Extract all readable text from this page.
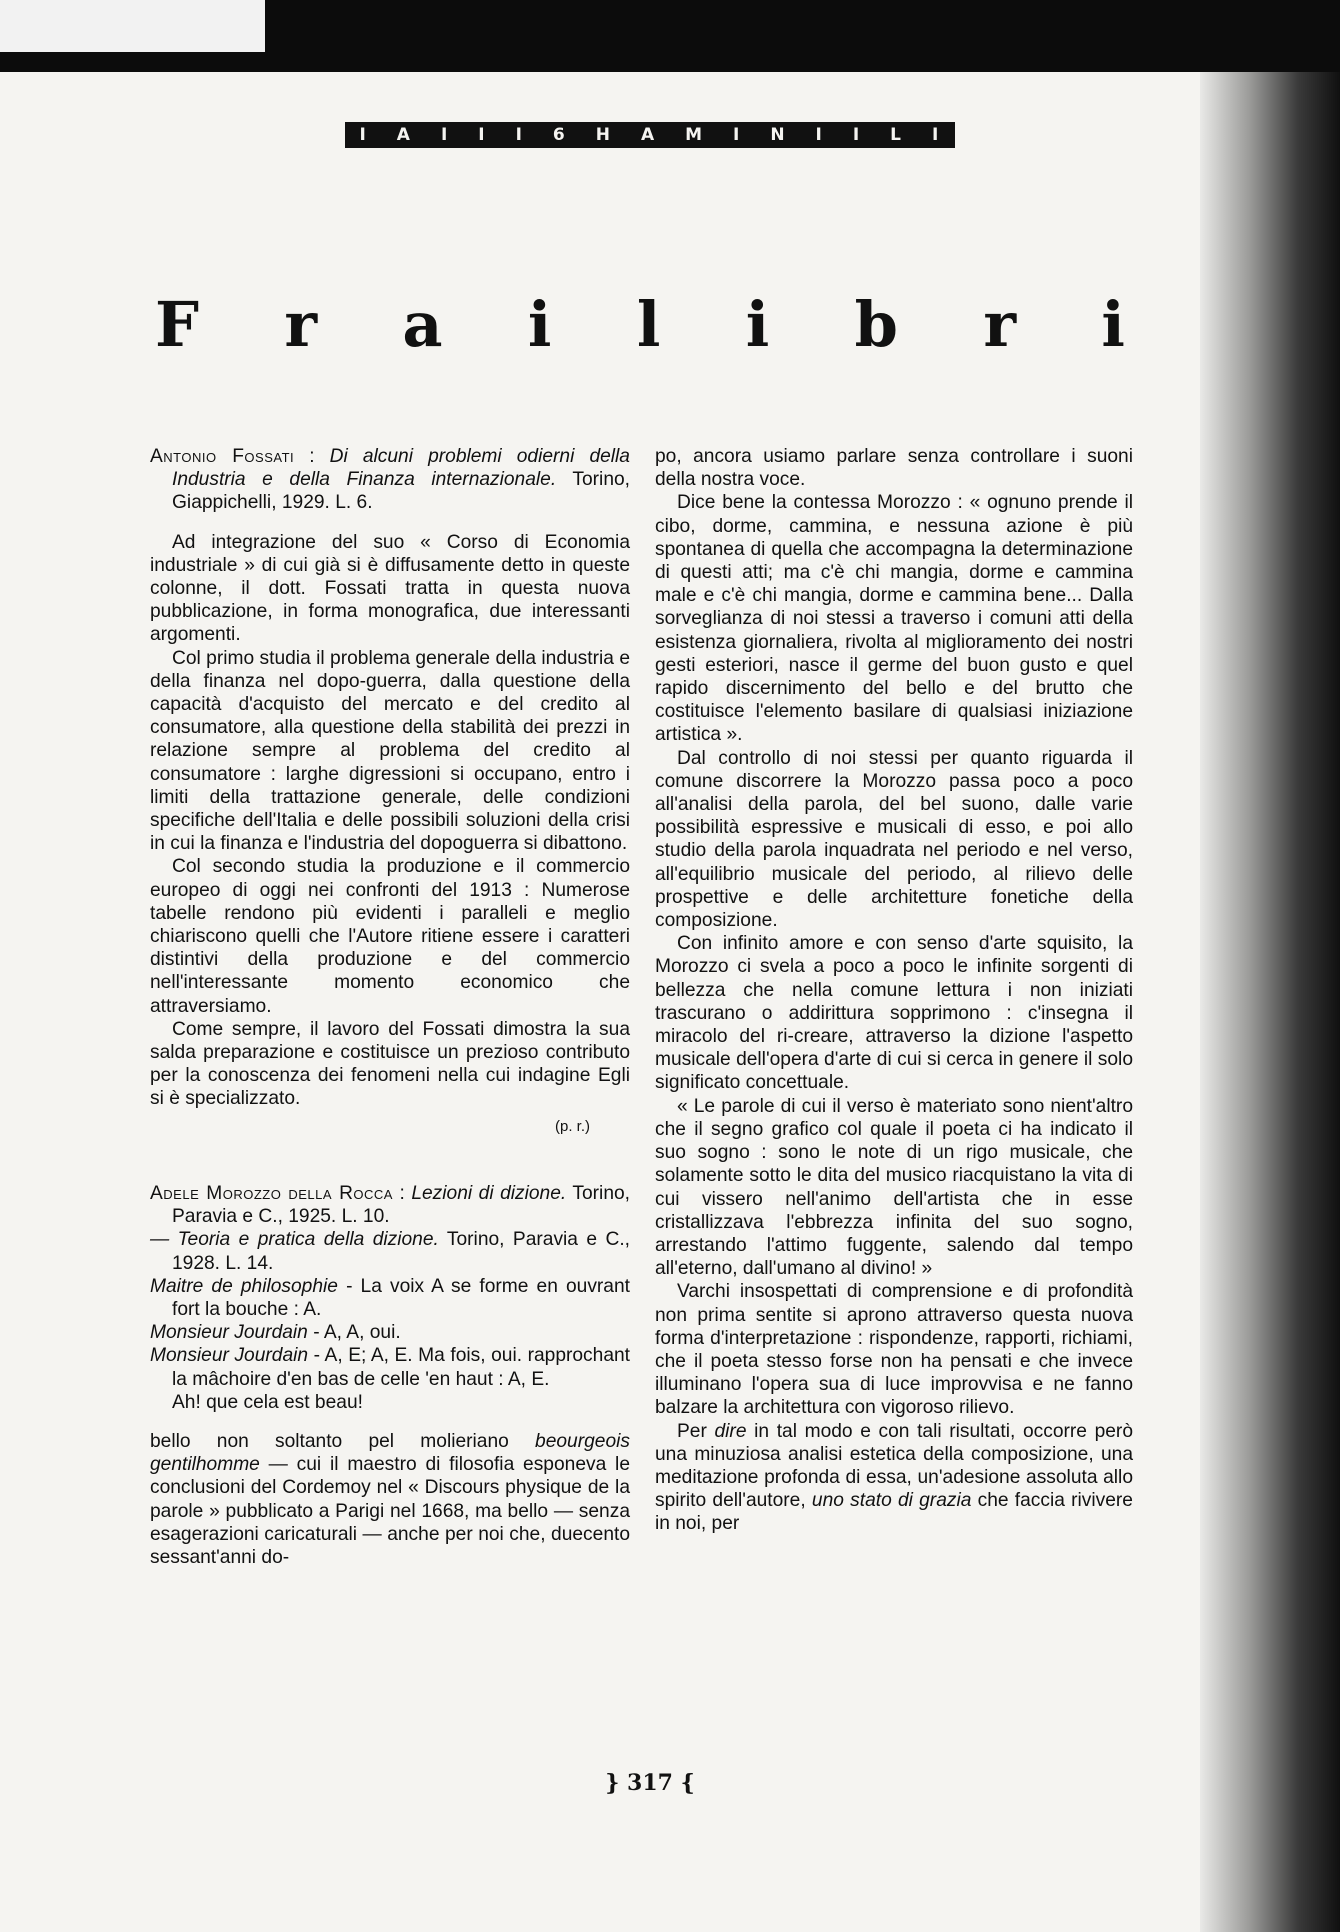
I A I I I 6 H A M I N I I L I
F r a i l i b r i

Antonio Fossati : Di alcuni problemi odierni della Industria e della Finanza internazionale. Torino, Giappichelli, 1929. L. 6.

Ad integrazione del suo « Corso di Economia industriale » di cui già si è diffusamente detto in queste colonne, il dott. Fossati tratta in questa nuova pubblicazione, in forma monografica, due interessanti argomenti.

Col primo studia il problema generale della industria e della finanza nel dopo-guerra, dalla questione della capacità d'acquisto del mercato e del credito al consumatore, alla questione della stabilità dei prezzi in relazione sempre al problema del credito al consumatore : larghe digressioni si occupano, entro i limiti della trattazione generale, delle condizioni specifiche dell'Italia e delle possibili soluzioni della crisi in cui la finanza e l'industria del dopoguerra si dibattono.

Col secondo studia la produzione e il commercio europeo di oggi nei confronti del 1913 : Numerose tabelle rendono più evidenti i paralleli e meglio chiariscono quelli che l'Autore ritiene essere i caratteri distintivi della produzione e del commercio nell'interessante momento economico che attraversiamo.

Come sempre, il lavoro del Fossati dimostra la sua salda preparazione e costituisce un prezioso contributo per la conoscenza dei fenomeni nella cui indagine Egli si è specializzato.

(p. r.)

Adele Morozzo della Rocca : Lezioni di dizione. Torino, Paravia e C., 1925. L. 10.

— Teoria e pratica della dizione. Torino, Paravia e C., 1928. L. 14.

Maitre de philosophie - La voix A se forme en ouvrant fort la bouche : A.

Monsieur Jourdain - A, A, oui.

Monsieur Jourdain - A, E; A, E. Ma fois, oui. rapprochant la mâchoire d'en bas de celle 'en haut : A, E.

Ah! que cela est beau!

bello non soltanto pel molieriano beourgeois gentilhomme — cui il maestro di filosofia esponeva le conclusioni del Cordemoy nel « Discours physique de la parole » pubblicato a Parigi nel 1668, ma bello — senza esagerazioni caricaturali — anche per noi che, duecento sessant'anni do-

po, ancora usiamo parlare senza controllare i suoni della nostra voce.

Dice bene la contessa Morozzo : « ognuno prende il cibo, dorme, cammina, e nessuna azione è più spontanea di quella che accompagna la determinazione di questi atti; ma c'è chi mangia, dorme e cammina male e c'è chi mangia, dorme e cammina bene... Dalla sorveglianza di noi stessi a traverso i comuni atti della esistenza giornaliera, rivolta al miglioramento dei nostri gesti esteriori, nasce il germe del buon gusto e quel rapido discernimento del bello e del brutto che costituisce l'elemento basilare di qualsiasi iniziazione artistica ».

Dal controllo di noi stessi per quanto riguarda il comune discorrere la Morozzo passa poco a poco all'analisi della parola, del bel suono, dalle varie possibilità espressive e musicali di esso, e poi allo studio della parola inquadrata nel periodo e nel verso, all'equilibrio musicale del periodo, al rilievo delle prospettive e delle architetture fonetiche della composizione.

Con infinito amore e con senso d'arte squisito, la Morozzo ci svela a poco a poco le infinite sorgenti di bellezza che nella comune lettura i non iniziati trascurano o addirittura sopprimono : c'insegna il miracolo del ri-creare, attraverso la dizione l'aspetto musicale dell'opera d'arte di cui si cerca in genere il solo significato concettuale.

« Le parole di cui il verso è materiato sono nient'altro che il segno grafico col quale il poeta ci ha indicato il suo sogno : sono le note di un rigo musicale, che solamente sotto le dita del musico riacquistano la vita di cui vissero nell'animo dell'artista che in esse cristallizzava l'ebbrezza infinita del suo sogno, arrestando l'attimo fuggente, salendo dal tempo all'eterno, dall'umano al divino! »

Varchi insospettati di comprensione e di profondità non prima sentite si aprono attraverso questa nuova forma d'interpretazione : rispondenze, rapporti, richiami, che il poeta stesso forse non ha pensati e che invece illuminano l'opera sua di luce improvvisa e ne fanno balzare la architettura con vigoroso rilievo.

Per dire in tal modo e con tali risultati, occorre però una minuziosa analisi estetica della composizione, una meditazione profonda di essa, un'adesione assoluta allo spirito dell'autore, uno stato di grazia che faccia rivivere in noi, per

} 317 {
